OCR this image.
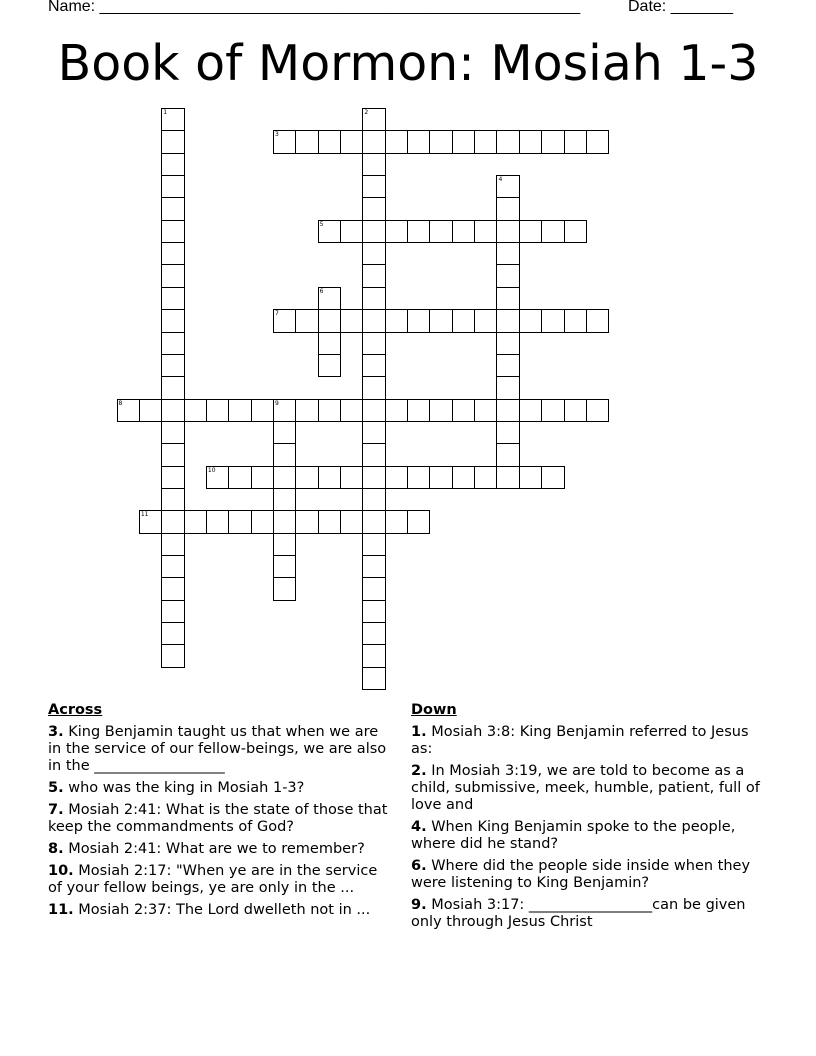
Name: ______________________________________________________	Date: _______
Book of Mormon: Mosiah 1-3
1	2
3
4
5
6
7
8	9
10
11
Across
3. King Benjamin taught us that when we are in the service of our fellow-beings, we are also in the __________________
5. who was the king in Mosiah 1-3?
7. Mosiah 2:41: What is the state of those that keep the commandments of God?
8. Mosiah 2:41: What are we to remember?
10. Mosiah 2:17: "When ye are in the service of your fellow beings, ye are only in the ...
11. Mosiah 2:37: The Lord dwelleth not in ...
Down
1. Mosiah 3:8: King Benjamin referred to Jesus as:
2. In Mosiah 3:19, we are told to become as a child, submissive, meek, humble, patient, full of love and
4. When King Benjamin spoke to the people, where did he stand?
6. Where did the people side inside when they were listening to King Benjamin?
9. Mosiah 3:17: _________________can be given only through Jesus Christ
